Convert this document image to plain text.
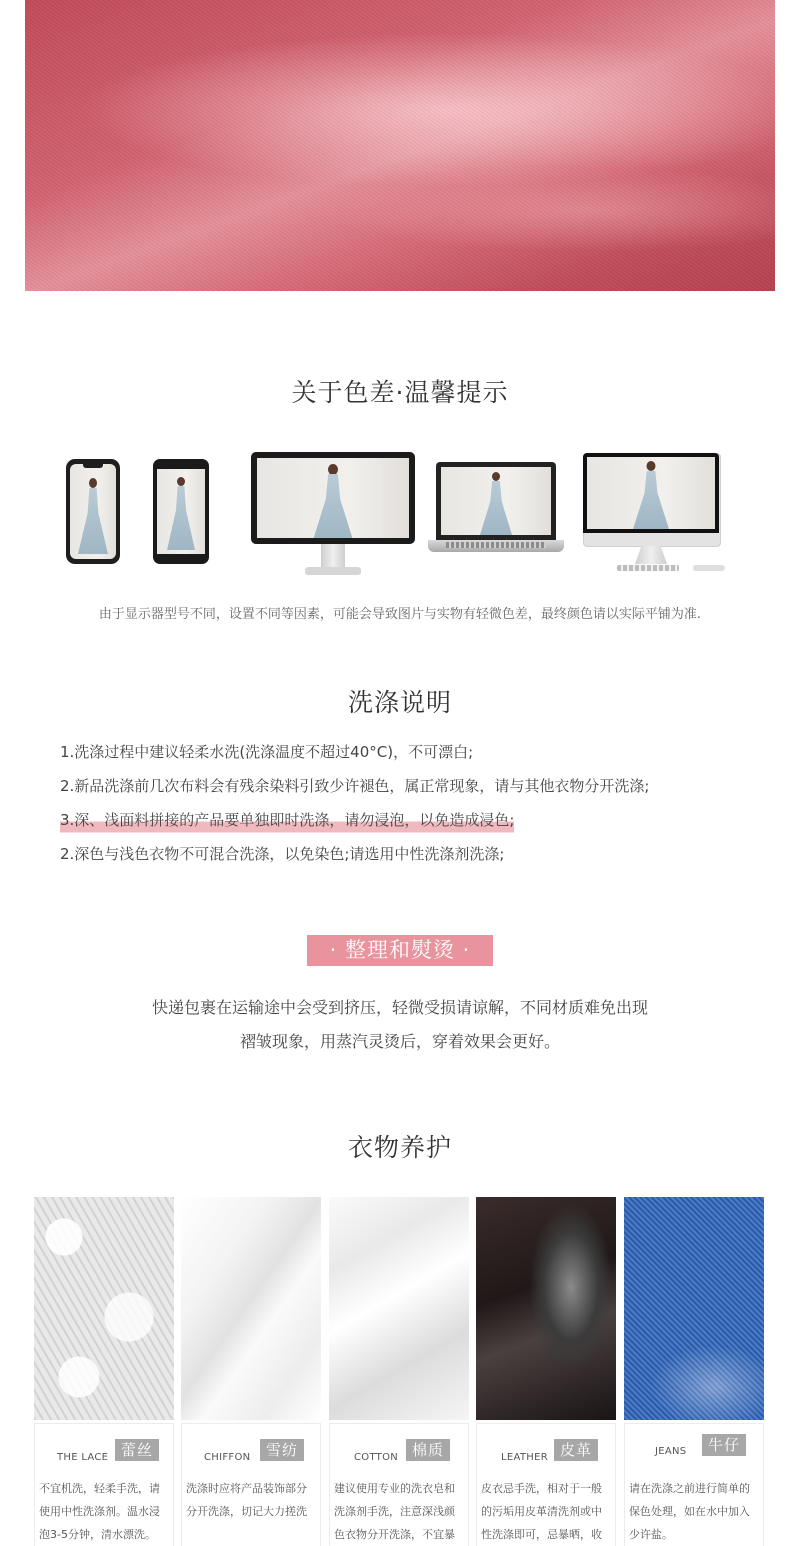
关于色差·温馨提示
由于显示器型号不同，设置不同等因素，可能会导致图片与实物有轻微色差，最终颜色请以实际平铺为准.
洗涤说明
1.洗涤过程中建议轻柔水洗(洗涤温度不超过40°C)，不可漂白;
2.新品洗涤前几次布料会有残余染料引致少许褪色，属正常现象，请与其他衣物分开洗涤;
3.深、浅面料拼接的产品要单独即时洗涤，请勿浸泡，以免造成浸色;
2.深色与浅色衣物不可混合洗涤，以免染色;请选用中性洗涤剂洗涤;
· 整理和熨烫 ·
快递包裹在运输途中会受到挤压，轻微受损请谅解，不同材质难免出现
褶皱现象，用蒸汽灵烫后，穿着效果会更好。
衣物养护
THE LACE 蕾丝
不宜机洗，轻柔手洗，请使用中性洗涤剂。温水浸泡3-5分钟，清水漂洗。
CHIFFON	雪纺
洗涤时应将产品装饰部分分开洗涤，切记大力搓洗
COTTON 棉质
建议使用专业的洗衣皂和洗涤剂手洗，注意深浅颜色衣物分开洗涤，不宜暴
LEATHER 皮革
皮衣忌手洗，相对于一般的污垢用皮革清洗剂或中性洗涤即可，忌暴晒，收
JEANS	牛仔
请在洗涤之前进行简单的保色处理，如在水中加入少许盐。
